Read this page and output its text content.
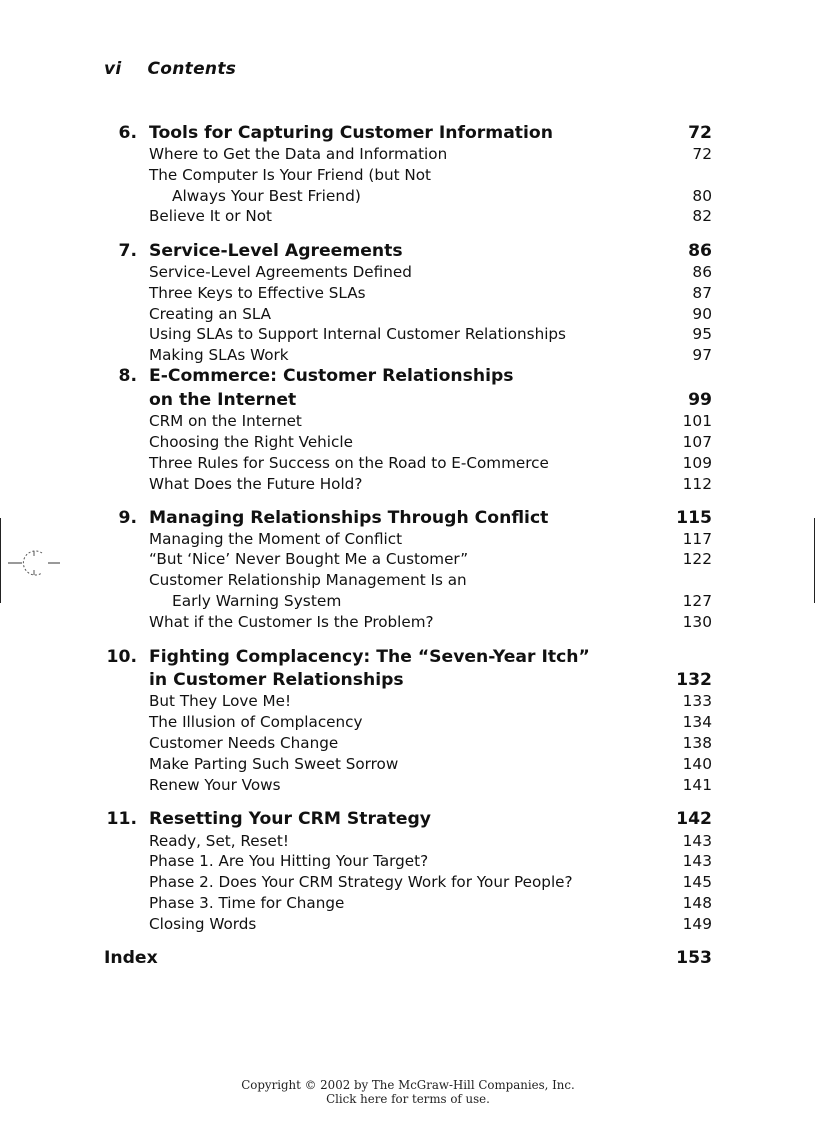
vi Contents
6. Tools for Capturing Customer Information	72
Where to Get the Data and Information	72
The Computer Is Your Friend (but Not
Always Your Best Friend)	80
Believe It or Not	82
7. Service-Level Agreements	86
Service-Level Agreements Defined	86
Three Keys to Effective SLAs	87
Creating an SLA	90
Using SLAs to Support Internal Customer Relationships	95
Making SLAs Work	97
8. E-Commerce: Customer Relationships
on the Internet	99
CRM on the Internet	101
Choosing the Right Vehicle	107
Three Rules for Success on the Road to E-Commerce	109
What Does the Future Hold?	112
9. Managing Relationships Through Conflict	115
Managing the Moment of Conflict	117
“But ‘Nice’ Never Bought Me a Customer”	122
Customer Relationship Management Is an
Early Warning System	127
What if the Customer Is the Problem?	130
10. Fighting Complacency: The “Seven-Year Itch”
in Customer Relationships	132
But They Love Me!	133
The Illusion of Complacency	134
Customer Needs Change	138
Make Parting Such Sweet Sorrow	140
Renew Your Vows	141
11. Resetting Your CRM Strategy	142
Ready, Set, Reset!	143
Phase 1. Are You Hitting Your Target?	143
Phase 2. Does Your CRM Strategy Work for Your People?	145
Phase 3. Time for Change	148
Closing Words	149
Index	153
Copyright © 2002 by The McGraw-Hill Companies, Inc.
Click here for terms of use.
